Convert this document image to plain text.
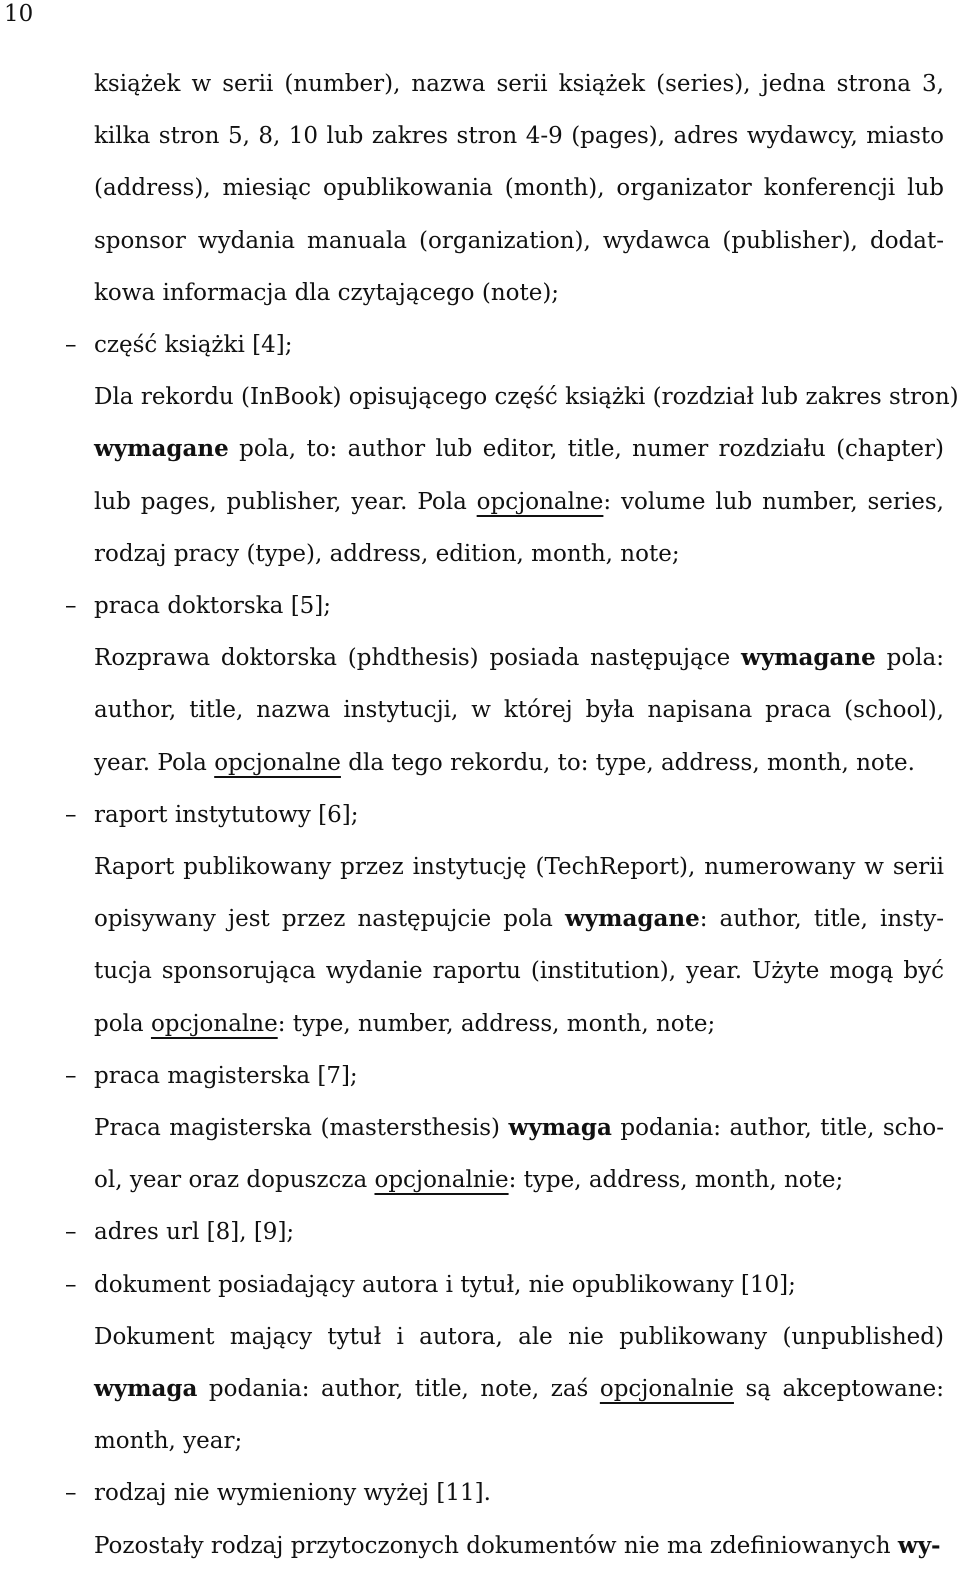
10
książek w serii (number), nazwa serii książek (series), jedna strona 3,
kilka stron 5, 8, 10 lub zakres stron 4-9 (pages), adres wydawcy, miasto
(address), miesiąc opublikowania (month), organizator konferencji lub
sponsor wydania manuala (organization), wydawca (publisher), dodat-
kowa informacja dla czytającego (note);
– część książki [4];
Dla rekordu (InBook) opisującego część książki (rozdział lub zakres stron)
wymagane pola, to: author lub editor, title, numer rozdziału (chapter)
lub pages, publisher, year. Pola opcjonalne: volume lub number, series,
rodzaj pracy (type), address, edition, month, note;
– praca doktorska [5];
Rozprawa doktorska (phdthesis) posiada następujące wymagane pola:
author, title, nazwa instytucji, w której była napisana praca (school),
year. Pola opcjonalne dla tego rekordu, to: type, address, month, note.
– raport instytutowy [6];
Raport publikowany przez instytucję (TechReport), numerowany w serii
opisywany jest przez następujcie pola wymagane: author, title, insty-
tucja sponsorująca wydanie raportu (institution), year. Użyte mogą być
pola opcjonalne: type, number, address, month, note;
– praca magisterska [7];
Praca magisterska (mastersthesis) wymaga podania: author, title, scho-
ol, year oraz dopuszcza opcjonalnie: type, address, month, note;
– adres url [8], [9];
– dokument posiadający autora i tytuł, nie opublikowany [10];
Dokument mający tytuł i autora, ale nie publikowany (unpublished)
wymaga podania: author, title, note, zaś opcjonalnie są akceptowane:
month, year;
– rodzaj nie wymieniony wyżej [11].
Pozostały rodzaj przytoczonych dokumentów nie ma zdefiniowanych wy-
